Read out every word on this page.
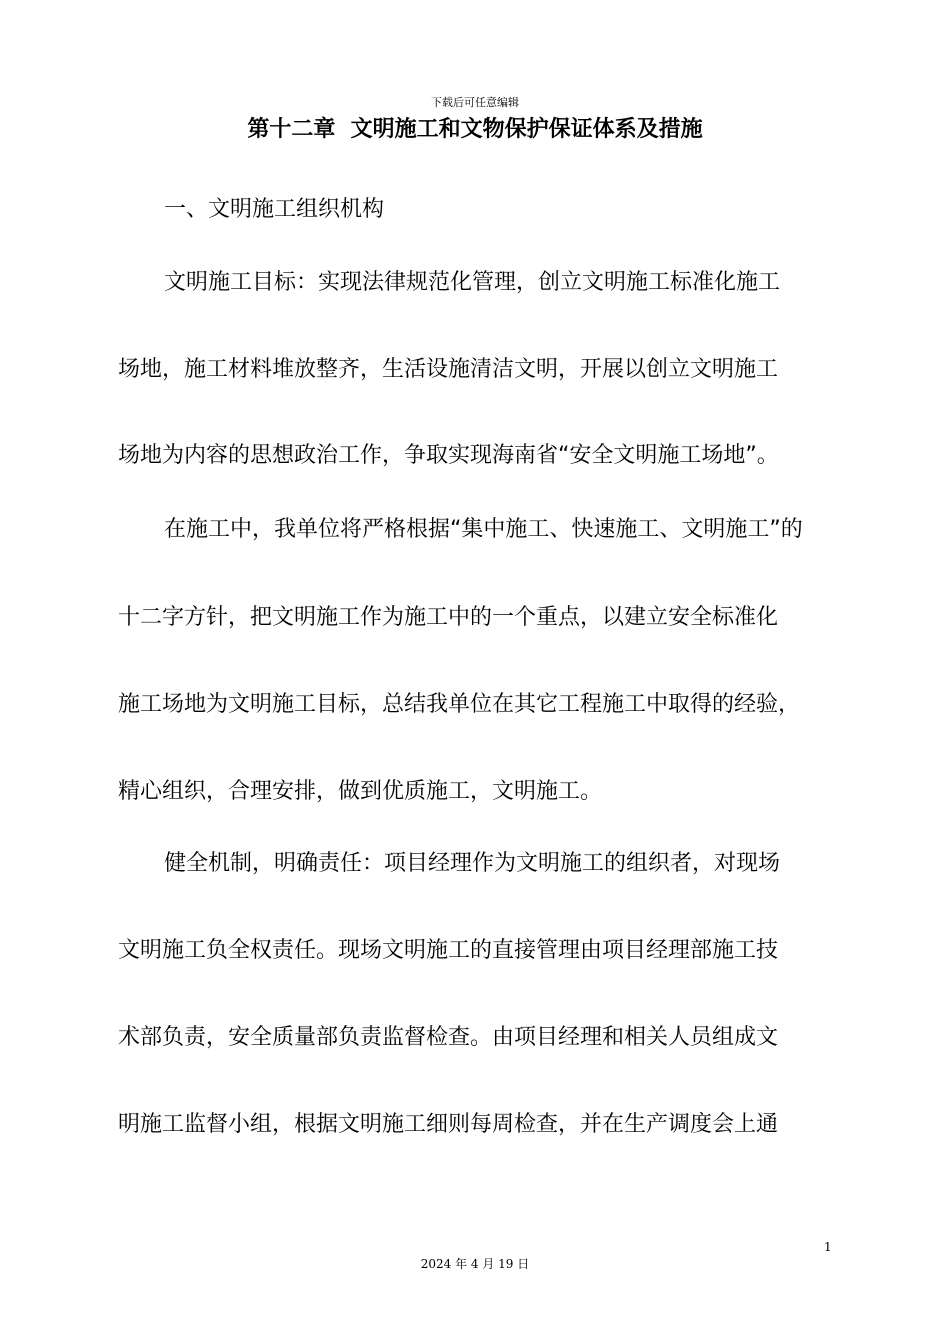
下载后可任意编辑
第十二章  文明施工和文物保护保证体系及措施
一、文明施工组织机构
文明施工目标：实现法律规范化管理，创立文明施工标准化施工
场地，施工材料堆放整齐，生活设施清洁文明，开展以创立文明施工
场地为内容的思想政治工作，争取实现海南省“安全文明施工场地”。
在施工中，我单位将严格根据“集中施工、快速施工、文明施工”的
十二字方针，把文明施工作为施工中的一个重点，以建立安全标准化
施工场地为文明施工目标，总结我单位在其它工程施工中取得的经验，
精心组织，合理安排，做到优质施工，文明施工。
健全机制，明确责任：项目经理作为文明施工的组织者，对现场
文明施工负全权责任。现场文明施工的直接管理由项目经理部施工技
术部负责，安全质量部负责监督检查。由项目经理和相关人员组成文
明施工监督小组，根据文明施工细则每周检查，并在生产调度会上通
1
2024 年 4 月 19 日
